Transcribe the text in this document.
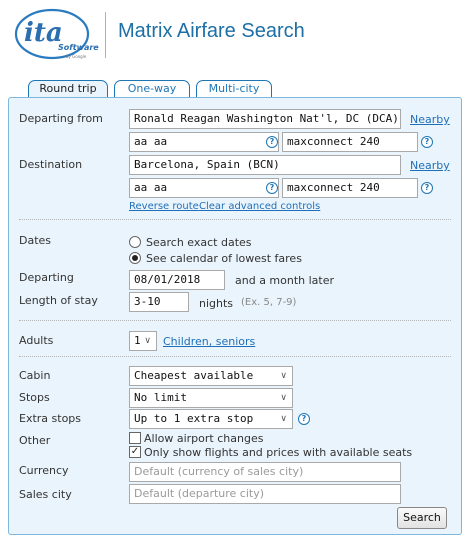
ita
Software
by Google
Matrix Airfare Search
Round trip	One-way	Multi-city
Departing from	Ronald Reagan Washington Nat'l, DC (DCA) Nearby
aa aa	?	maxconnect 240	?
Destination	Barcelona, Spain (BCN)	Nearby
aa aa	?	maxconnect 240	?
Reverse route Clear advanced controls
Dates	Search exact dates
See calendar of lowest fares
Departing	08/01/2018	and a month later
Length of stay	3-10	nights (Ex. 5, 7-9)
Adults	1 ∨ Children, seniors
Cabin	Cheapest available	∨
Stops	No limit	∨
Extra stops	Up to 1 extra stop	∨	?
Other	Allow airport changes
✓ Only show flights and prices with available seats
Currency	Default (currency of sales city)
Sales city	Default (departure city)
Search
